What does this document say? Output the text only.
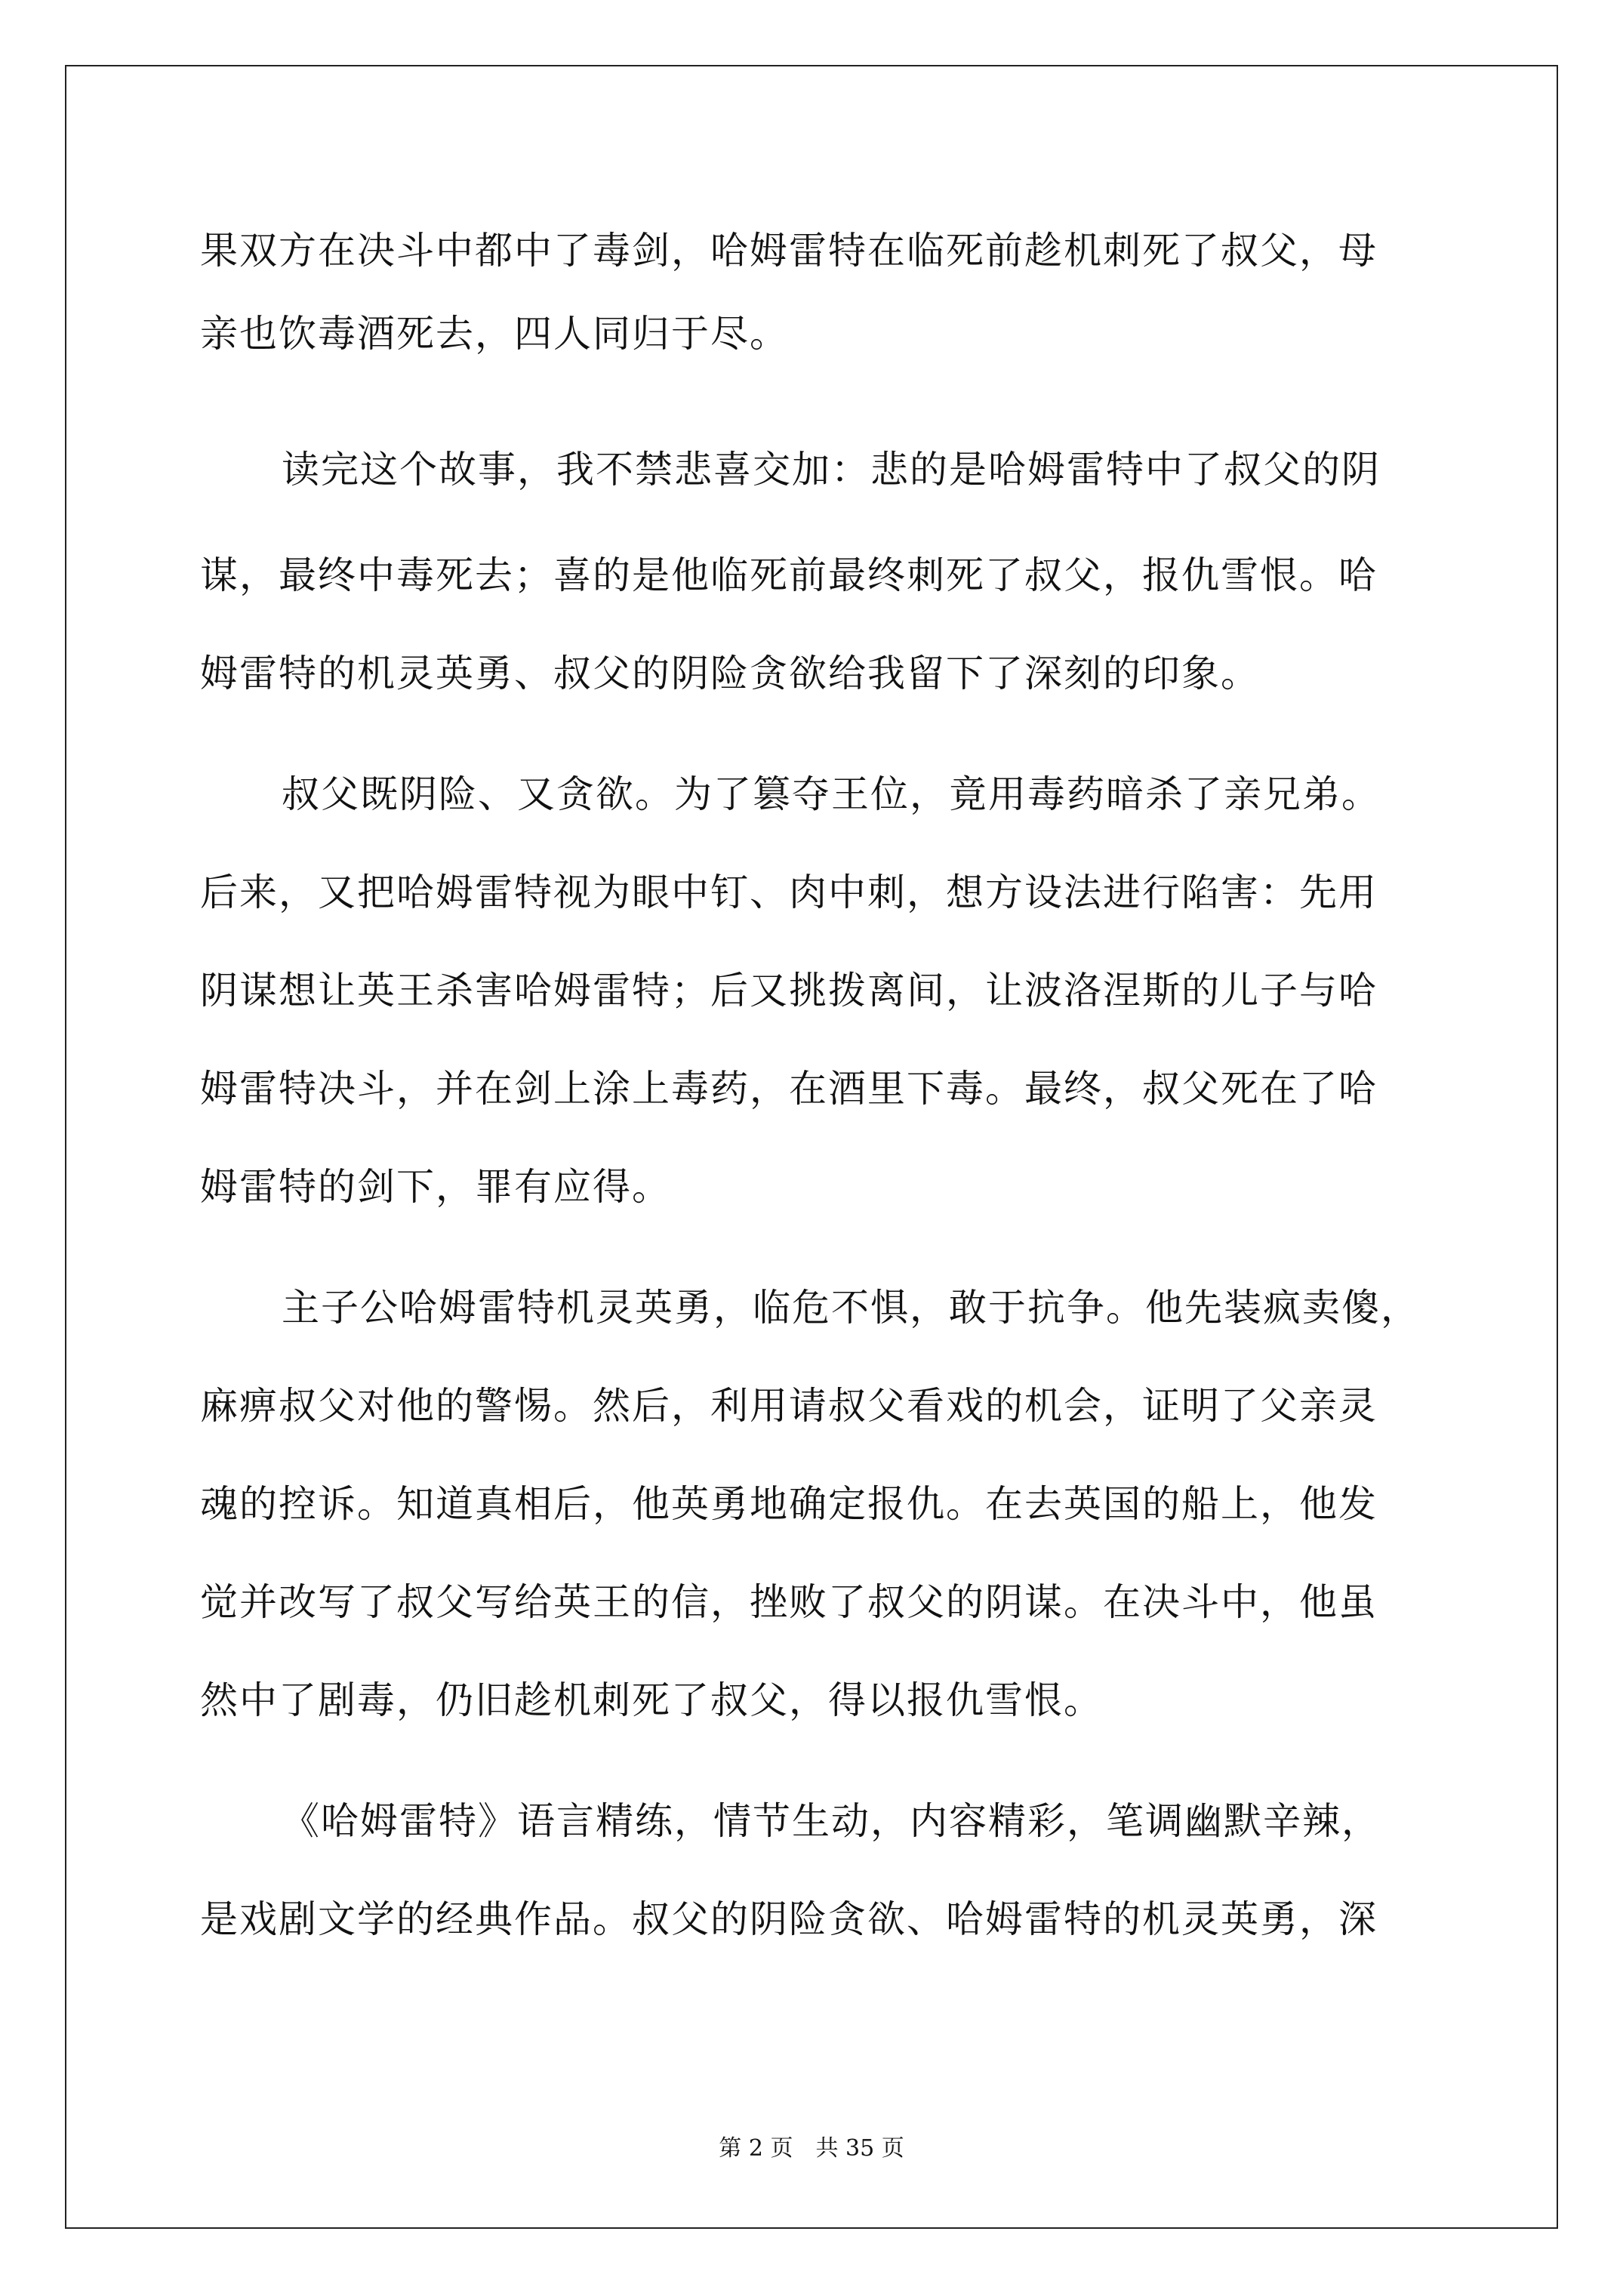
果双方在决斗中都中了毒剑，哈姆雷特在临死前趁机刺死了叔父，母
亲也饮毒酒死去，四人同归于尽。
读完这个故事，我不禁悲喜交加：悲的是哈姆雷特中了叔父的阴
谋，最终中毒死去；喜的是他临死前最终刺死了叔父，报仇雪恨。哈
姆雷特的机灵英勇、叔父的阴险贪欲给我留下了深刻的印象。
叔父既阴险、又贪欲。为了篡夺王位，竟用毒药暗杀了亲兄弟。
后来，又把哈姆雷特视为眼中钉、肉中刺，想方设法进行陷害：先用
阴谋想让英王杀害哈姆雷特；后又挑拨离间，让波洛涅斯的儿子与哈
姆雷特决斗，并在剑上涂上毒药，在酒里下毒。最终，叔父死在了哈
姆雷特的剑下，罪有应得。
主子公哈姆雷特机灵英勇，临危不惧，敢于抗争。他先装疯卖傻，
麻痹叔父对他的警惕。然后，利用请叔父看戏的机会，证明了父亲灵
魂的控诉。知道真相后，他英勇地确定报仇。在去英国的船上，他发
觉并改写了叔父写给英王的信，挫败了叔父的阴谋。在决斗中，他虽
然中了剧毒，仍旧趁机刺死了叔父，得以报仇雪恨。
《哈姆雷特》语言精练，情节生动，内容精彩，笔调幽默辛辣，
是戏剧文学的经典作品。叔父的阴险贪欲、哈姆雷特的机灵英勇，深
第 2 页　共 35 页
